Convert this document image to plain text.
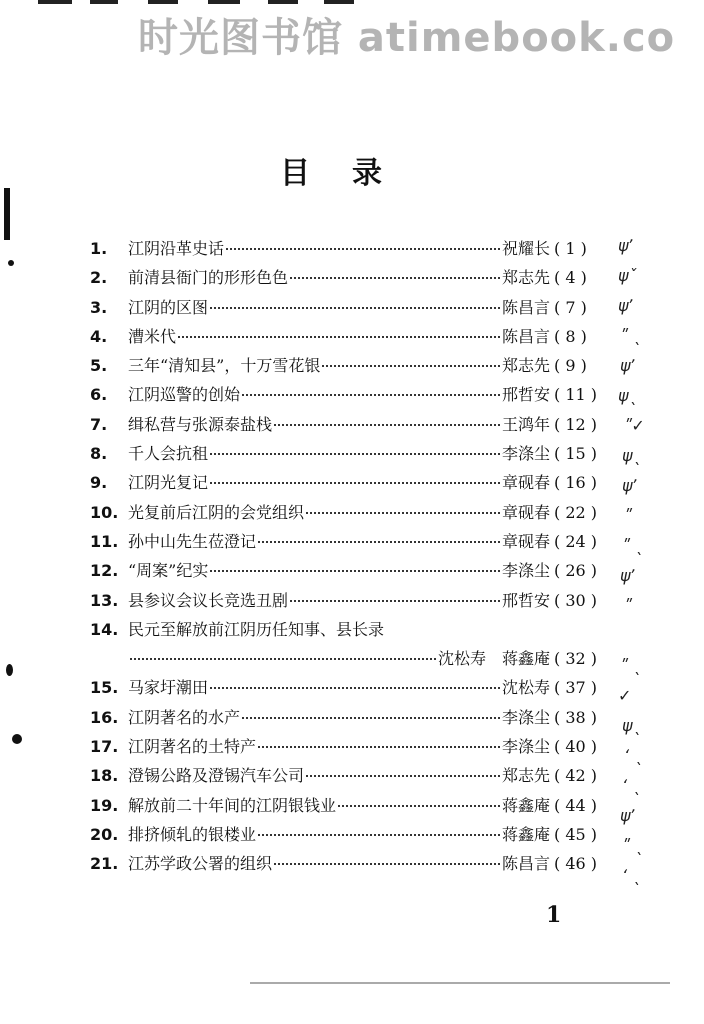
时光图书馆 atimebook.co
目录
1.	江阴沿革史话	祝耀长 ( 1 )
2.	前清县衙门的形形色色	郑志先 ( 4 )
3.	江阴的区图	陈昌言 ( 7 )
4.	漕米代	陈昌言 ( 8 )
5.	三年“清知县”，十万雪花银	郑志先 ( 9 )
6.	江阴巡警的创始	邢哲安 ( 11 )
7.	缉私营与张源泰盐栈	王鸿年 ( 12 )
8.	千人会抗租	李涤尘 ( 15 )
9.	江阴光复记	章砚春 ( 16 )
10. 光复前后江阴的会党组织	章砚春 ( 22 )
11. 孙中山先生莅澄记	章砚春 ( 24 )
12. “周案”纪实	李涤尘 ( 26 )
13. 县参议会议长竞选丑剧	邢哲安 ( 30 )
14. 民元至解放前江阴历任知事、县长录
沈松寿　蒋鑫庵 ( 32 )
15. 马家圩潮田	沈松寿 ( 37 )
16. 江阴著名的水产	李涤尘 ( 38 )
17. 江阴著名的土特产	李涤尘 ( 40 )
18. 澄锡公路及澄锡汽车公司	郑志先 ( 42 )
19. 解放前二十年间的江阴银钱业	蒋鑫庵 ( 44 )
20. 排挤倾轧的银楼业	蒋鑫庵 ( 45 )
21. 江苏学政公署的组织	陈昌言 ( 46 )
1
ψʼ
ψˇ
ψʼ
ʺ ˎ
ψʼ
ψˎ
ʺ✓
ψˎ
ψʼ
ʺ
ʺ ˎ
ψʼ
ʺ
ʺ ˎ
✓
ψˎ
ʻ ˎ
ʻ ˎ
ψʼ
ʺ ˎ
ʻ ˎ
